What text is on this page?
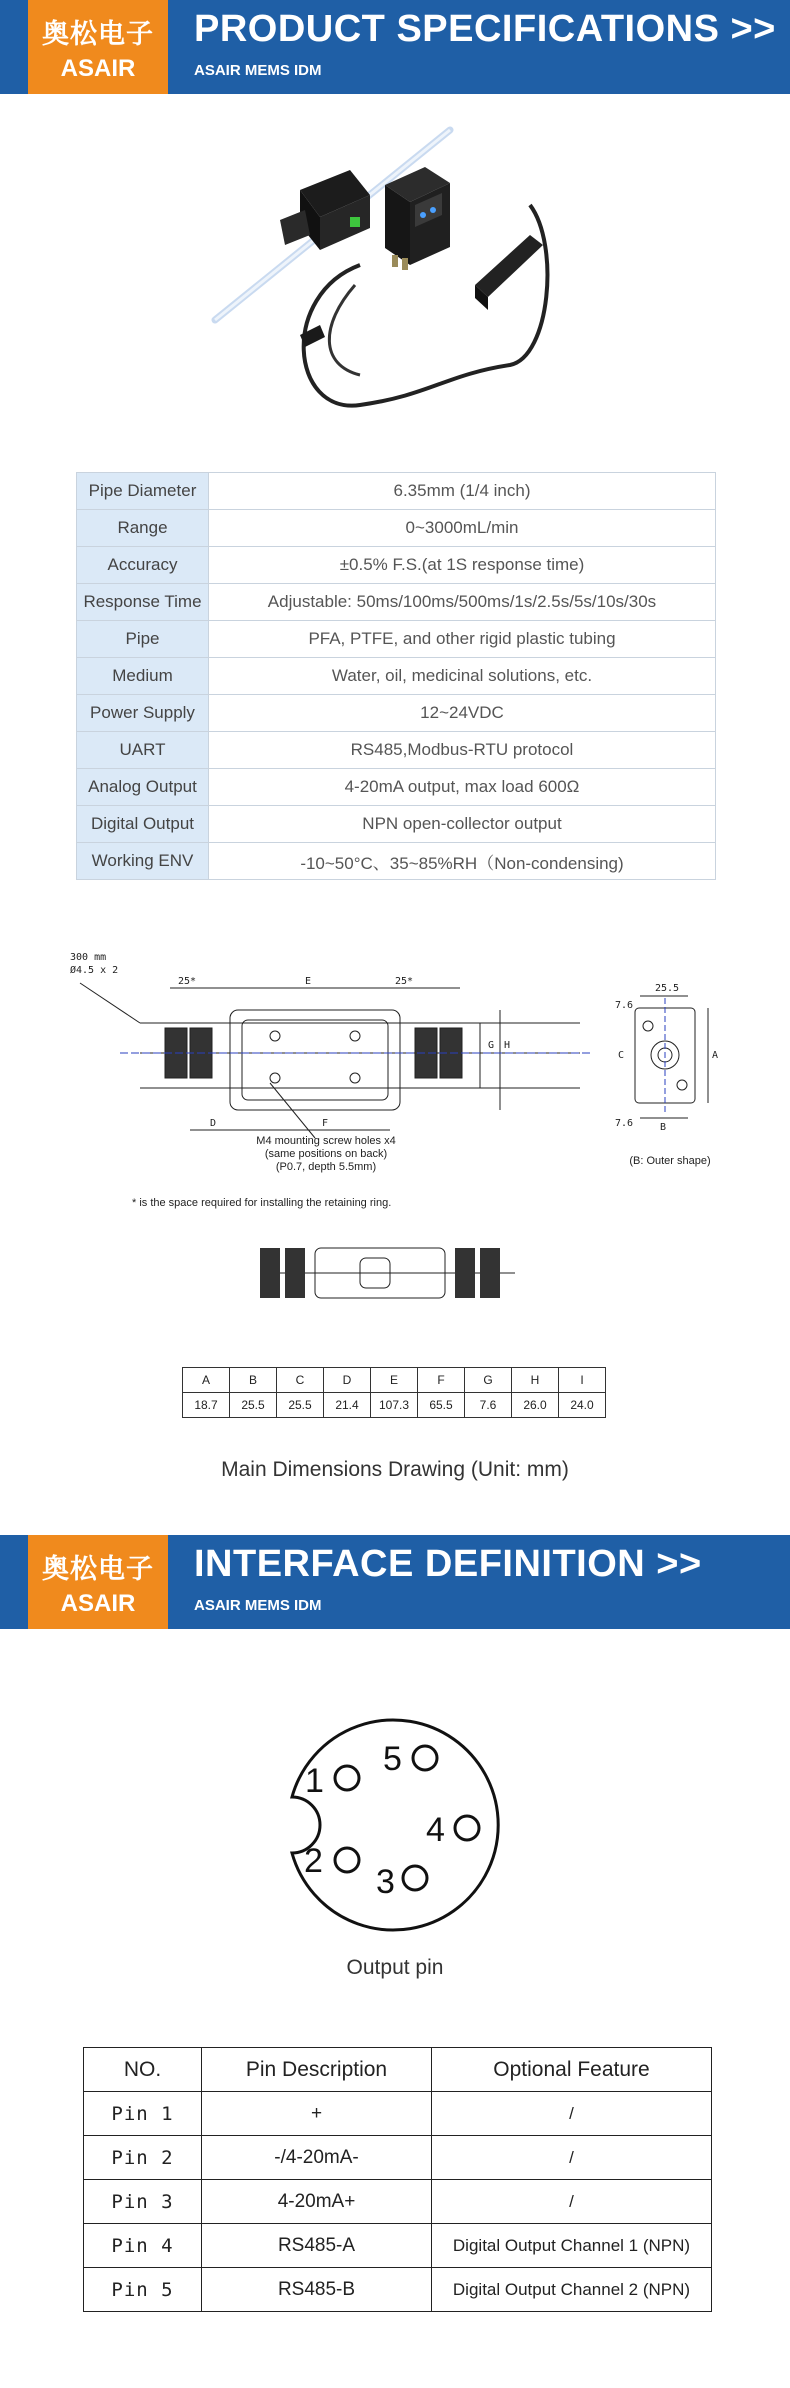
奥松电子
ASAIR
PRODUCT SPECIFICATIONS >>
ASAIR MEMS IDM
Pipe Diameter	6.35mm (1/4 inch)
Range	0~3000mL/min
Accuracy	±0.5% F.S.(at 1S response time)
Response Time	Adjustable: 50ms/100ms/500ms/1s/2.5s/5s/10s/30s
Pipe	PFA, PTFE, and other rigid plastic tubing
Medium	Water, oil, medicinal solutions, etc.
Power Supply	12~24VDC
UART	RS485,Modbus-RTU protocol
Analog Output	4-20mA output, max load 600Ω
Digital Output	NPN open-collector output
Working ENV	-10~50°C、35~85%RH（Non-condensing)
300 mm
Ø4.5 x 2
25*	E	25*
D	F
G H
C	A
B
25.5
7.6
7.6
M4 mounting screw holes x4
(same positions on back)
(P0.7, depth 5.5mm)	(B: Outer shape)
* is the space required for installing the retaining ring.
A	B	C	D	E	F	G	H	I
18.7	25.5	25.5	21.4	107.3	65.5	7.6	26.0	24.0
Main Dimensions Drawing (Unit: mm)
奥松电子
ASAIR
INTERFACE DEFINITION >>
ASAIR MEMS IDM
1
5
4
2
3
Output pin
NO.	Pin Description	Optional Feature
Pin 1	+	/
Pin 2	-/4-20mA-	/
Pin 3	4-20mA+	/
Pin 4	RS485-A	Digital Output Channel 1 (NPN)
Pin 5	RS485-B	Digital Output Channel 2 (NPN)
